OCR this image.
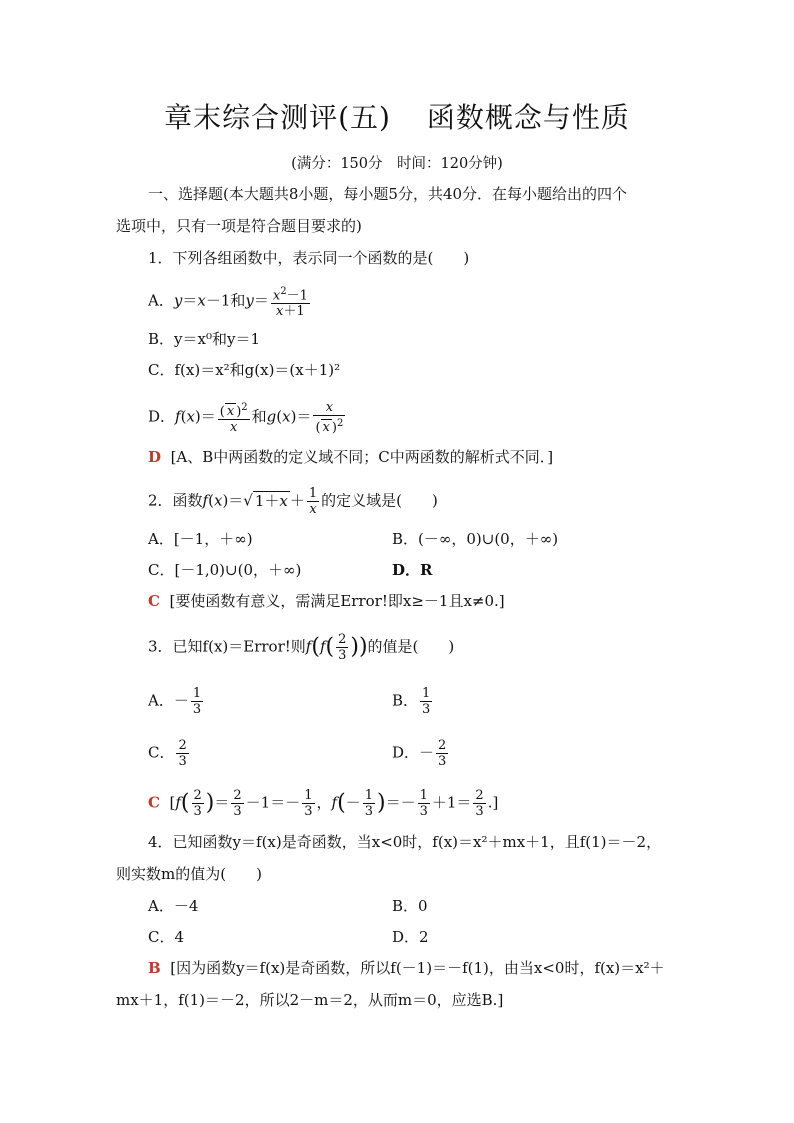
章末综合测评(五) 函数概念与性质
(满分：150分　时间：120分钟)
一、选择题(本大题共8小题，每小题5分，共40分．在每小题给出的四个
选项中，只有一项是符合题目要求的)
1．下列各组函数中，表示同一个函数的是(　　)
A．y＝x－1和$y= \frac{x^2-1}{x+1}$
B．y＝x⁰和y＝1
C．f(x)＝x²和g(x)＝(x＋1)²
D．$f(x)= \frac{( x )^2}{x}$ 和$g(x)= \frac{x}{( x )^2}$
D [A、B中两函数的定义域不同；C中两函数的解析式不同．]
2．函数f(x)＝√ $1+x + \frac{1}{x}$ 的定义域是(　　)
A．[－1，＋∞)	B．(－∞，0)∪(0，＋∞)
C．[－1,0)∪(0，＋∞)	D．R
C [要使函数有意义，需满足Error!即x≥－1且x≠0.]
3．已知f(x)＝Error!则$f(f( \frac{2}{3}$ ))的值是(　　)
A．－ $\frac{1}{3}$	B． $\frac{1}{3}$
C． $\frac{2}{3}$	D．－ $\frac{2}{3}$
C  [$f( \frac{2}{3}$ )＝ $\frac{2}{3} -1=- \frac{1}{3}$ ，$f(- \frac{1}{3}$ )＝－ $\frac{1}{3} +1= \frac{2}{3}$ .]
4．已知函数y＝f(x)是奇函数，当x<0时，f(x)＝x²＋mx＋1，且f(1)＝－2，
则实数m的值为(　　)
A．－4	B．0
C．4	D．2
B [因为函数y＝f(x)是奇函数，所以f(－1)＝－f(1)，由当x<0时，f(x)＝x²＋
mx＋1，f(1)＝－2，所以2－m＝2，从而m＝0，应选B.]
